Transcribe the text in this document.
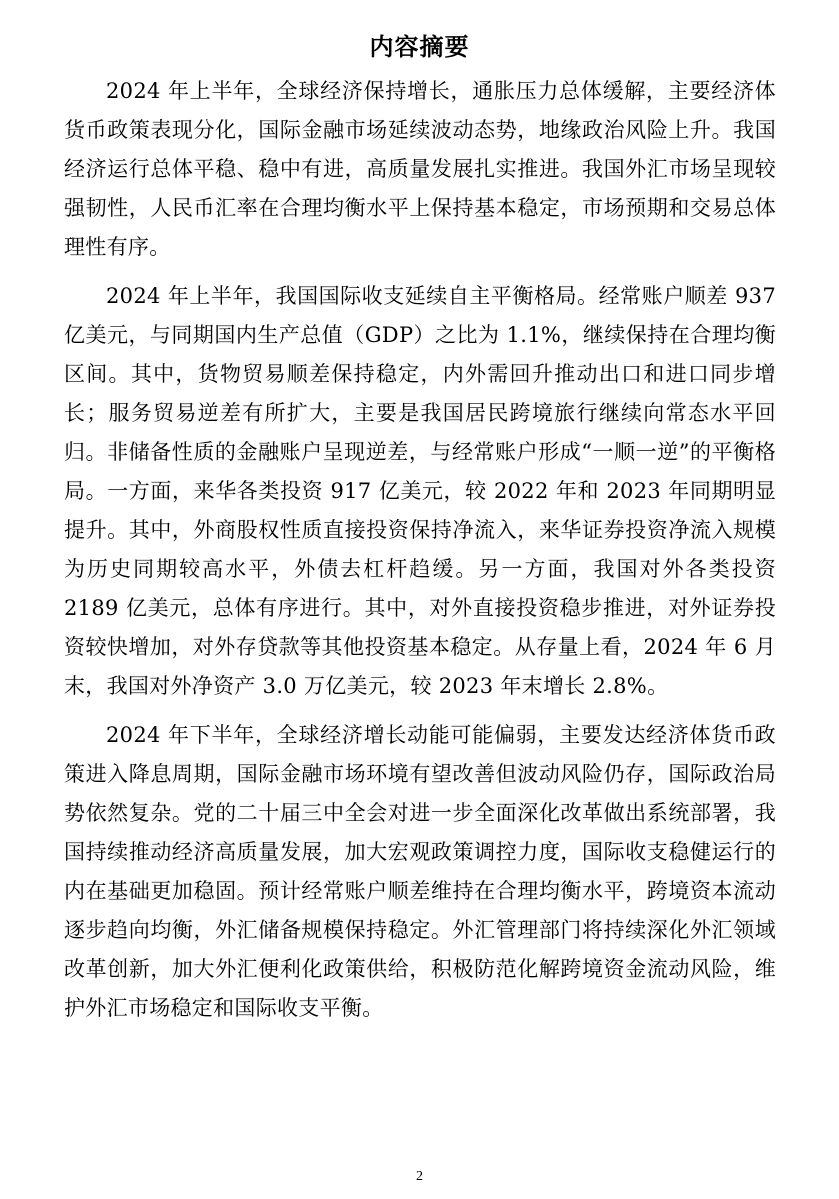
内容摘要

2024 年上半年，全球经济保持增长，通胀压力总体缓解，主要经济体货币政策表现分化，国际金融市场延续波动态势，地缘政治风险上升。我国经济运行总体平稳、稳中有进，高质量发展扎实推进。我国外汇市场呈现较强韧性，人民币汇率在合理均衡水平上保持基本稳定，市场预期和交易总体理性有序。

2024 年上半年，我国国际收支延续自主平衡格局。经常账户顺差 937 亿美元，与同期国内生产总值（GDP）之比为 1.1%，继续保持在合理均衡区间。其中，货物贸易顺差保持稳定，内外需回升推动出口和进口同步增长；服务贸易逆差有所扩大，主要是我国居民跨境旅行继续向常态水平回归。非储备性质的金融账户呈现逆差，与经常账户形成“一顺一逆”的平衡格局。一方面，来华各类投资 917 亿美元，较 2022 年和 2023 年同期明显提升。其中，外商股权性质直接投资保持净流入，来华证券投资净流入规模为历史同期较高水平，外债去杠杆趋缓。另一方面，我国对外各类投资 2189 亿美元，总体有序进行。其中，对外直接投资稳步推进，对外证券投资较快增加，对外存贷款等其他投资基本稳定。从存量上看，2024 年 6 月末，我国对外净资产 3.0 万亿美元，较 2023 年末增长 2.8%。

2024 年下半年，全球经济增长动能可能偏弱，主要发达经济体货币政策进入降息周期，国际金融市场环境有望改善但波动风险仍存，国际政治局势依然复杂。党的二十届三中全会对进一步全面深化改革做出系统部署，我国持续推动经济高质量发展，加大宏观政策调控力度，国际收支稳健运行的内在基础更加稳固。预计经常账户顺差维持在合理均衡水平，跨境资本流动逐步趋向均衡，外汇储备规模保持稳定。外汇管理部门将持续深化外汇领域改革创新，加大外汇便利化政策供给，积极防范化解跨境资金流动风险，维护外汇市场稳定和国际收支平衡。

2
